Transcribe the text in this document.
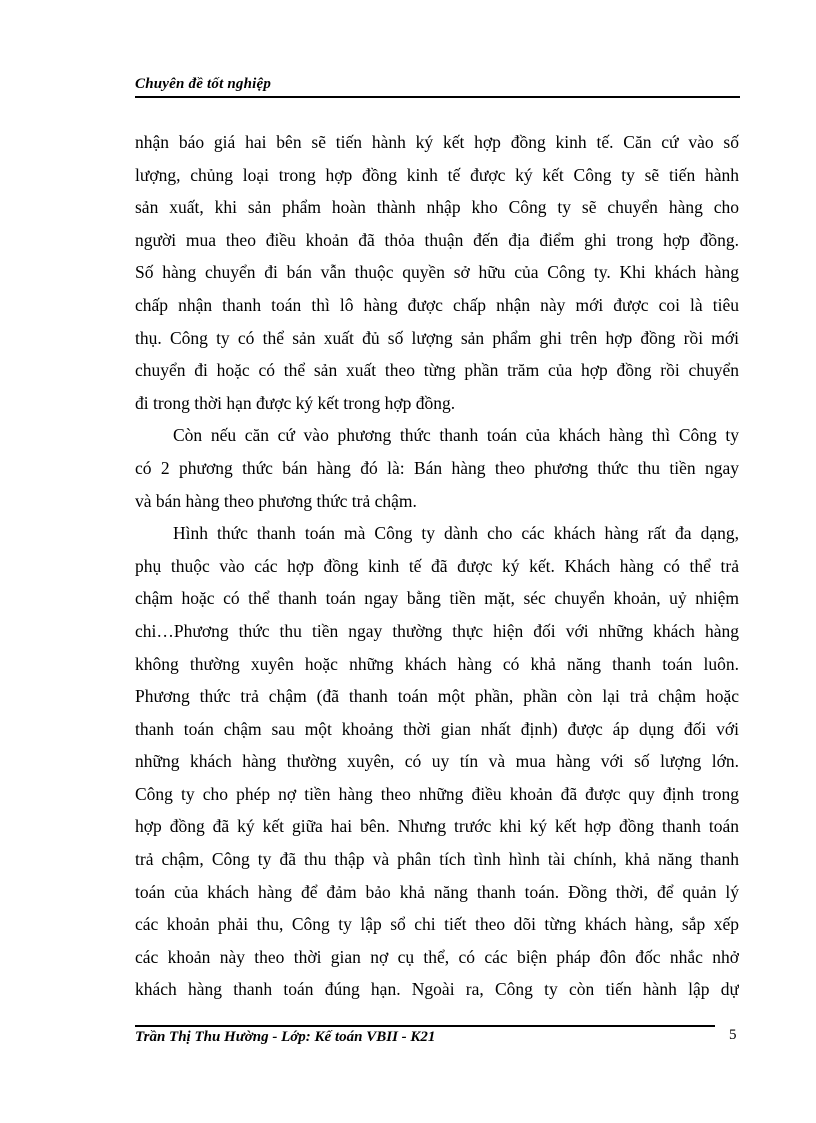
Chuyên đề tốt nghiệp
nhận báo giá hai bên sẽ tiến hành ký kết hợp đồng kinh tế. Căn cứ vào số
lượng, chủng loại trong hợp đồng kinh tế được ký kết Công ty sẽ tiến hành
sản xuất, khi sản phẩm hoàn thành nhập kho Công ty sẽ chuyển hàng cho
người mua theo điều khoản đã thỏa thuận đến địa điểm ghi trong hợp đồng.
Số hàng chuyển đi bán vẫn thuộc quyền sở hữu của Công ty. Khi khách hàng
chấp nhận thanh toán thì lô hàng được chấp nhận này mới được coi là tiêu
thụ. Công ty có thể sản xuất đủ số lượng sản phẩm ghi trên hợp đồng rồi mới
chuyển đi hoặc có thể sản xuất theo từng phần trăm của hợp đồng rồi chuyển
đi trong thời hạn được ký kết trong hợp đồng.
Còn nếu căn cứ vào phương thức thanh toán của khách hàng thì Công ty
có 2 phương thức bán hàng đó là: Bán hàng theo phương thức thu tiền ngay
và bán hàng theo phương thức trả chậm.
Hình thức thanh toán mà Công ty dành cho các khách hàng rất đa dạng,
phụ thuộc vào các hợp đồng kinh tế đã được ký kết. Khách hàng có thể trả
chậm hoặc có thể thanh toán ngay bằng tiền mặt, séc chuyển khoản, uỷ nhiệm
chi…Phương thức thu tiền ngay thường thực hiện đối với những khách hàng
không thường xuyên hoặc những khách hàng có khả năng thanh toán luôn.
Phương thức trả chậm (đã thanh toán một phần, phần còn lại trả chậm hoặc
thanh toán chậm sau một khoảng thời gian nhất định) được áp dụng đối với
những khách hàng thường xuyên, có uy tín và mua hàng với số lượng lớn.
Công ty cho phép nợ tiền hàng theo những điều khoản đã được quy định trong
hợp đồng đã ký kết giữa hai bên. Nhưng trước khi ký kết hợp đồng thanh toán
trả chậm, Công ty đã thu thập và phân tích tình hình tài chính, khả năng thanh
toán của khách hàng để đảm bảo khả năng thanh toán. Đồng thời, để quản lý
các khoản phải thu, Công ty lập sổ chi tiết theo dõi từng khách hàng, sắp xếp
các khoản này theo thời gian nợ cụ thể, có các biện pháp đôn đốc nhắc nhở
khách hàng thanh toán đúng hạn. Ngoài ra, Công ty còn tiến hành lập dự
Trần Thị Thu Hường - Lớp: Kế toán VBII - K21	5
